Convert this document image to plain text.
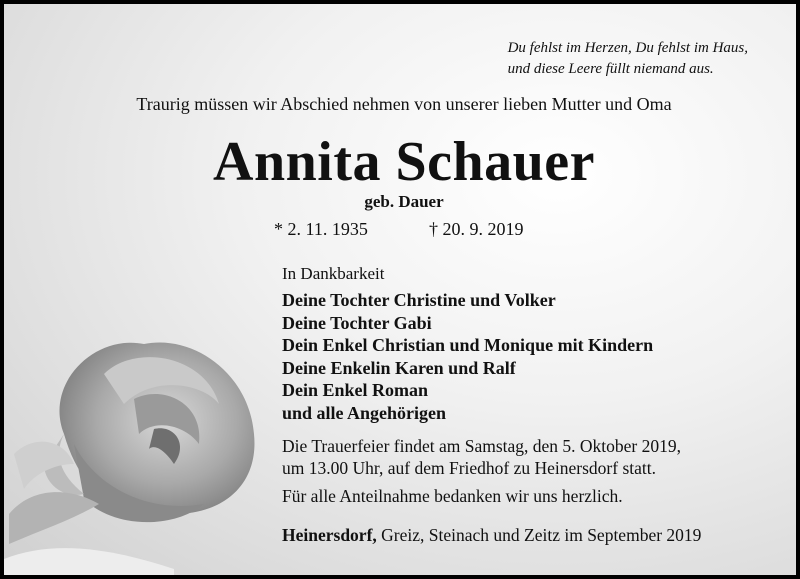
Du fehlst im Herzen, Du fehlst im Haus,
und diese Leere füllt niemand aus.
Traurig müssen wir Abschied nehmen von unserer lieben Mutter und Oma
Annita Schauer
geb. Dauer
* 2. 11. 1935	† 20. 9. 2019
In Dankbarkeit
Deine Tochter Christine und Volker
Deine Tochter Gabi
Dein Enkel Christian und Monique mit Kindern
Deine Enkelin Karen und Ralf
Dein Enkel Roman
und alle Angehörigen
Die Trauerfeier findet am Samstag, den 5. Oktober 2019,
um 13.00 Uhr, auf dem Friedhof zu Heinersdorf statt.
Für alle Anteilnahme bedanken wir uns herzlich.
Heinersdorf, Greiz, Steinach und Zeitz im September 2019
